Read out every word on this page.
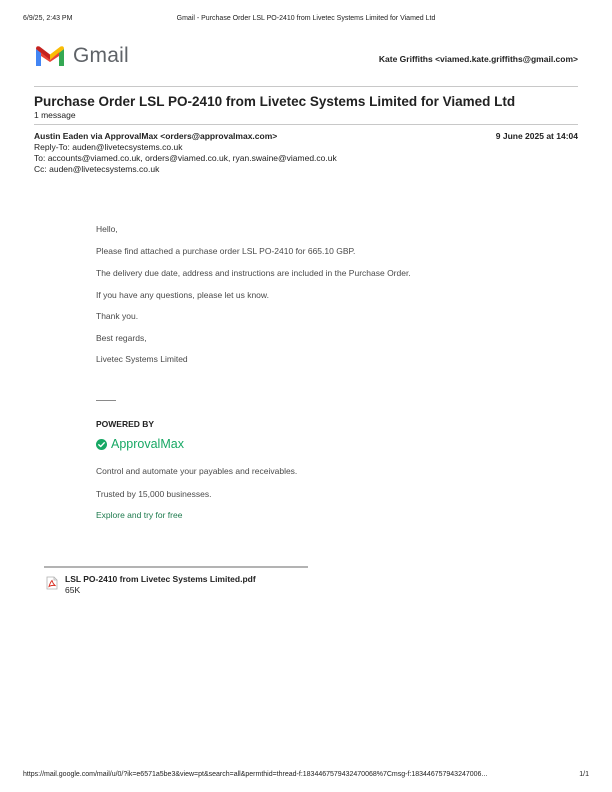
6/9/25, 2:43 PM	Gmail - Purchase Order LSL PO-2410 from Livetec Systems Limited for Viamed Ltd
Gmail	Kate Griffiths <viamed.kate.griffiths@gmail.com>
Purchase Order LSL PO-2410 from Livetec Systems Limited for Viamed Ltd
1 message
Austin Eaden via ApprovalMax <orders@approvalmax.com>	9 June 2025 at 14:04
Reply-To: auden@livetecsystems.co.uk
To: accounts@viamed.co.uk, orders@viamed.co.uk, ryan.swaine@viamed.co.uk
Cc: auden@livetecsystems.co.uk
Hello,
Please find attached a purchase order LSL PO-2410 for 665.10 GBP.
The delivery due date, address and instructions are included in the Purchase Order.
If you have any questions, please let us know.
Thank you.
Best regards,
Livetec Systems Limited
POWERED BY
ApprovalMax
Control and automate your payables and receivables.
Trusted by 15,000 businesses.
Explore and try for free
LSL PO-2410 from Livetec Systems Limited.pdf
65K
https://mail.google.com/mail/u/0/?ik=e6571a5be3&view=pt&search=all&permthid=thread-f:1834467579432470068%7Cmsg-f:183446757943247006...	1/1
